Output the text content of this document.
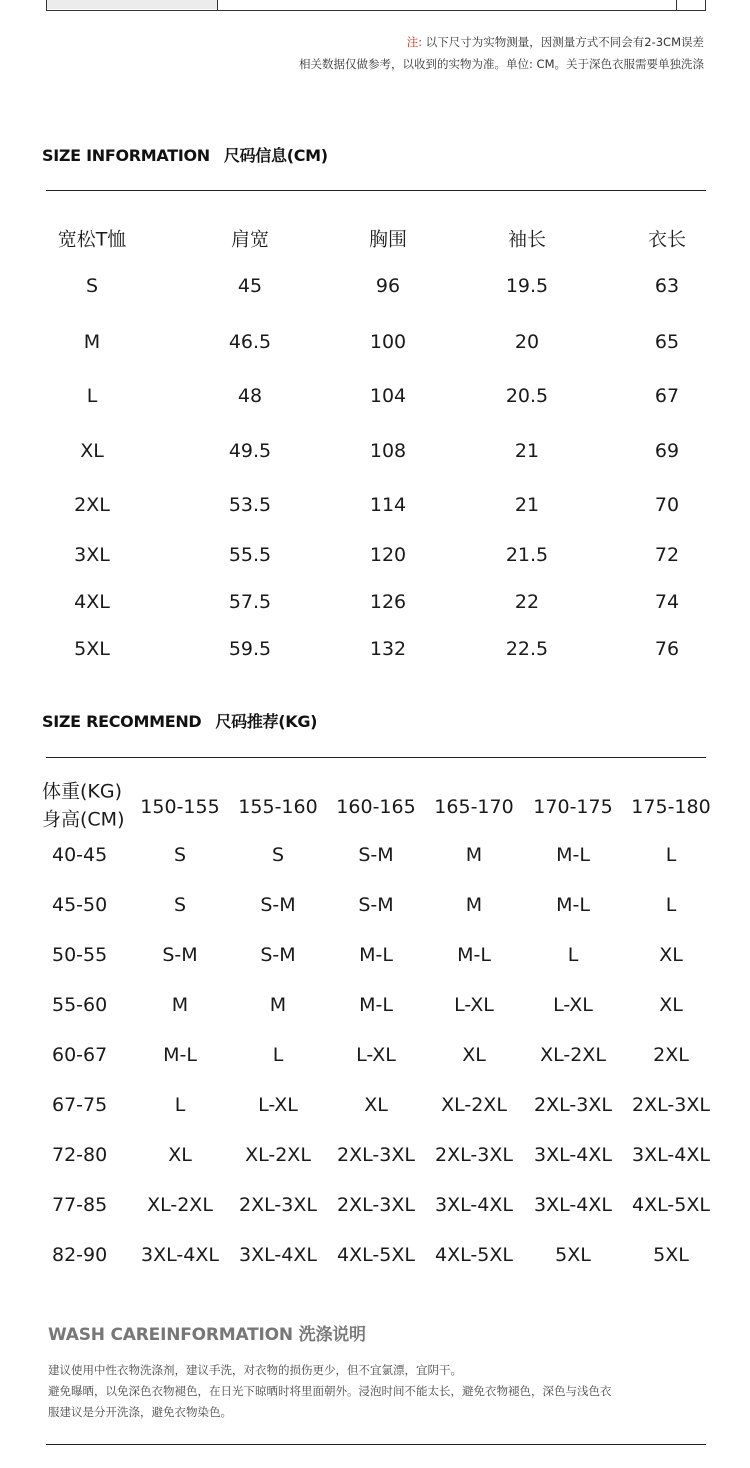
注: 以下尺寸为实物测量，因测量方式不同会有2-3CM误差
相关数据仅做参考，以收到的实物为准。单位: CM。关于深色衣服需要单独洗涤
SIZE INFORMATION 尺码信息(CM)
宽松T恤	肩宽	胸围	袖长	衣长
S	45	96	19.5	63
M	46.5	100	20	65
L	48	104	20.5	67
XL	49.5	108	21	69
2XL	53.5	114	21	70
3XL	55.5	120	21.5	72
4XL	57.5	126	22	74
5XL	59.5	132	22.5	76
SIZE RECOMMEND 尺码推荐(KG)
体重(KG)
身高(CM)
150-155 155-160 160-165 165-170 170-175 175-180
40-45	S	S	S-M	M	M-L	L
45-50	S	S-M	S-M	M	M-L	L
50-55	S-M	S-M	M-L	M-L	L	XL
55-60	M	M	M-L	L-XL	L-XL	XL
60-67	M-L	L	L-XL	XL	XL-2XL 2XL
67-75	L	L-XL	XL	XL-2XL 2XL-3XL 2XL-3XL
72-80	XL	XL-2XL 2XL-3XL 2XL-3XL 3XL-4XL 3XL-4XL
77-85 XL-2XL 2XL-3XL 2XL-3XL 3XL-4XL 3XL-4XL 4XL-5XL
82-90 3XL-4XL 3XL-4XL 4XL-5XL 4XL-5XL 5XL	5XL
WASH CAREINFORMATION 洗涤说明

建议使用中性衣物洗涤剂，建议手洗，对衣物的损伤更少，但不宜氯漂，宜阴干。

避免曝晒，以免深色衣物褪色，在日光下晾晒时将里面朝外。浸泡时间不能太长，避免衣物褪色，深色与浅色衣

服建议是分开洗涤，避免衣物染色。
